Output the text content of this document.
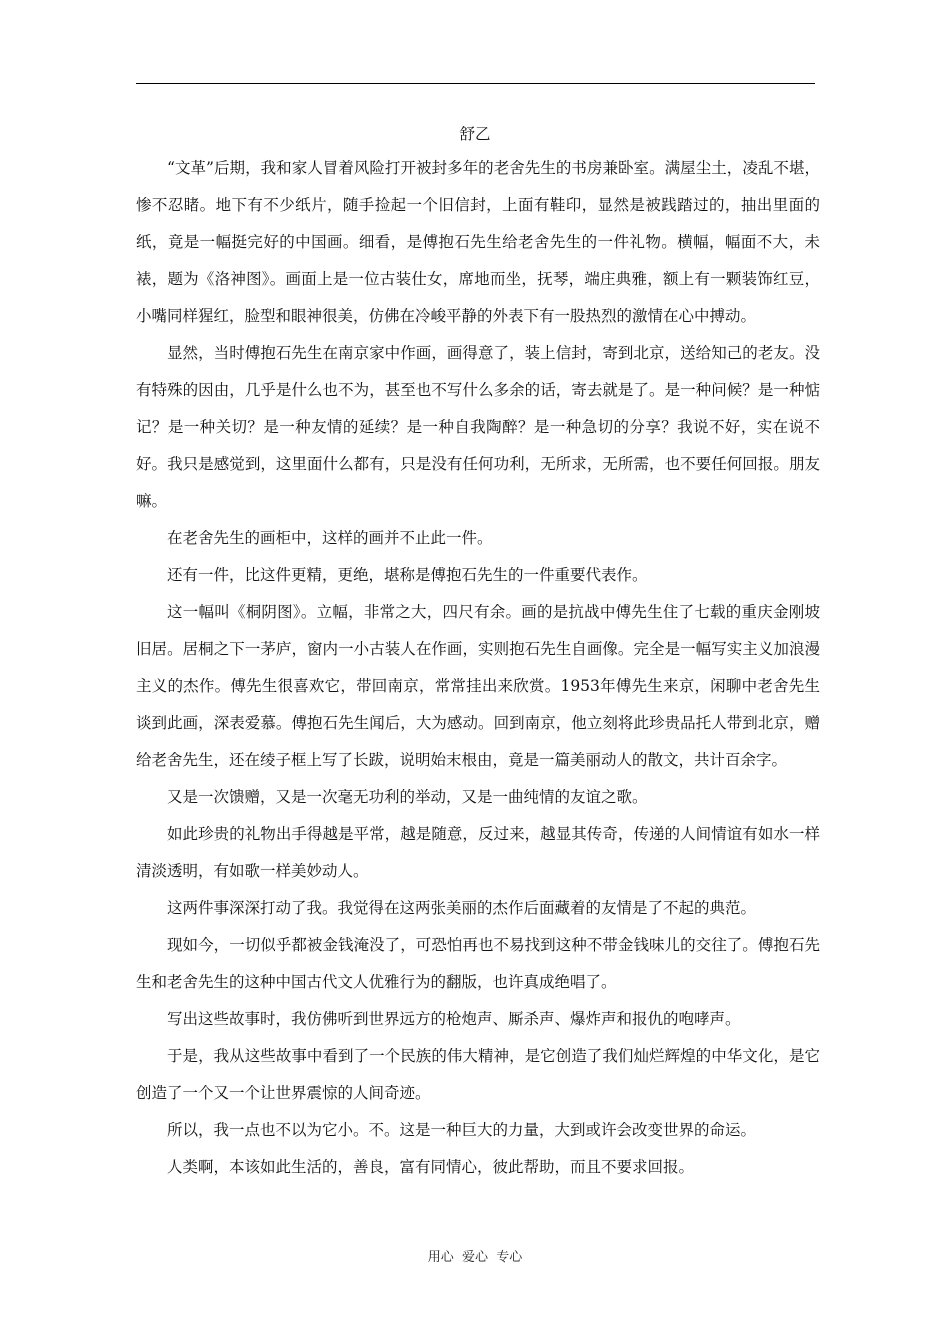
舒乙

“文革”后期，我和家人冒着风险打开被封多年的老舍先生的书房兼卧室。满屋尘土，凌乱不堪，惨不忍睹。地下有不少纸片，随手捡起一个旧信封，上面有鞋印，显然是被践踏过的，抽出里面的纸，竟是一幅挺完好的中国画。细看，是傅抱石先生给老舍先生的一件礼物。横幅，幅面不大，未裱，题为《洛神图》。画面上是一位古装仕女，席地而坐，抚琴，端庄典雅，额上有一颗装饰红豆，小嘴同样猩红，脸型和眼神很美，仿佛在冷峻平静的外表下有一股热烈的激情在心中搏动。

显然，当时傅抱石先生在南京家中作画，画得意了，装上信封，寄到北京，送给知己的老友。没有特殊的因由，几乎是什么也不为，甚至也不写什么多余的话，寄去就是了。是一种问候？是一种惦记？是一种关切？是一种友情的延续？是一种自我陶醉？是一种急切的分享？我说不好，实在说不好。我只是感觉到，这里面什么都有，只是没有任何功利，无所求，无所需，也不要任何回报。朋友嘛。

在老舍先生的画柜中，这样的画并不止此一件。

还有一件，比这件更精，更绝，堪称是傅抱石先生的一件重要代表作。

这一幅叫《桐阴图》。立幅，非常之大，四尺有余。画的是抗战中傅先生住了七载的重庆金刚坡旧居。居桐之下一茅庐，窗内一小古装人在作画，实则抱石先生自画像。完全是一幅写实主义加浪漫主义的杰作。傅先生很喜欢它，带回南京，常常挂出来欣赏。1953年傅先生来京，闲聊中老舍先生谈到此画，深表爱慕。傅抱石先生闻后，大为感动。回到南京，他立刻将此珍贵品托人带到北京，赠给老舍先生，还在绫子框上写了长跋，说明始末根由，竟是一篇美丽动人的散文，共计百余字。

又是一次馈赠，又是一次毫无功利的举动，又是一曲纯情的友谊之歌。

如此珍贵的礼物出手得越是平常，越是随意，反过来，越显其传奇，传递的人间情谊有如水一样清淡透明，有如歌一样美妙动人。

这两件事深深打动了我。我觉得在这两张美丽的杰作后面藏着的友情是了不起的典范。

现如今，一切似乎都被金钱淹没了，可恐怕再也不易找到这种不带金钱味儿的交往了。傅抱石先生和老舍先生的这种中国古代文人优雅行为的翻版，也许真成绝唱了。

写出这些故事时，我仿佛听到世界远方的枪炮声、厮杀声、爆炸声和报仇的咆哮声。

于是，我从这些故事中看到了一个民族的伟大精神，是它创造了我们灿烂辉煌的中华文化，是它创造了一个又一个让世界震惊的人间奇迹。

所以，我一点也不以为它小。不。这是一种巨大的力量，大到或许会改变世界的命运。

人类啊，本该如此生活的，善良，富有同情心，彼此帮助，而且不要求回报。

用心  爱心  专心
